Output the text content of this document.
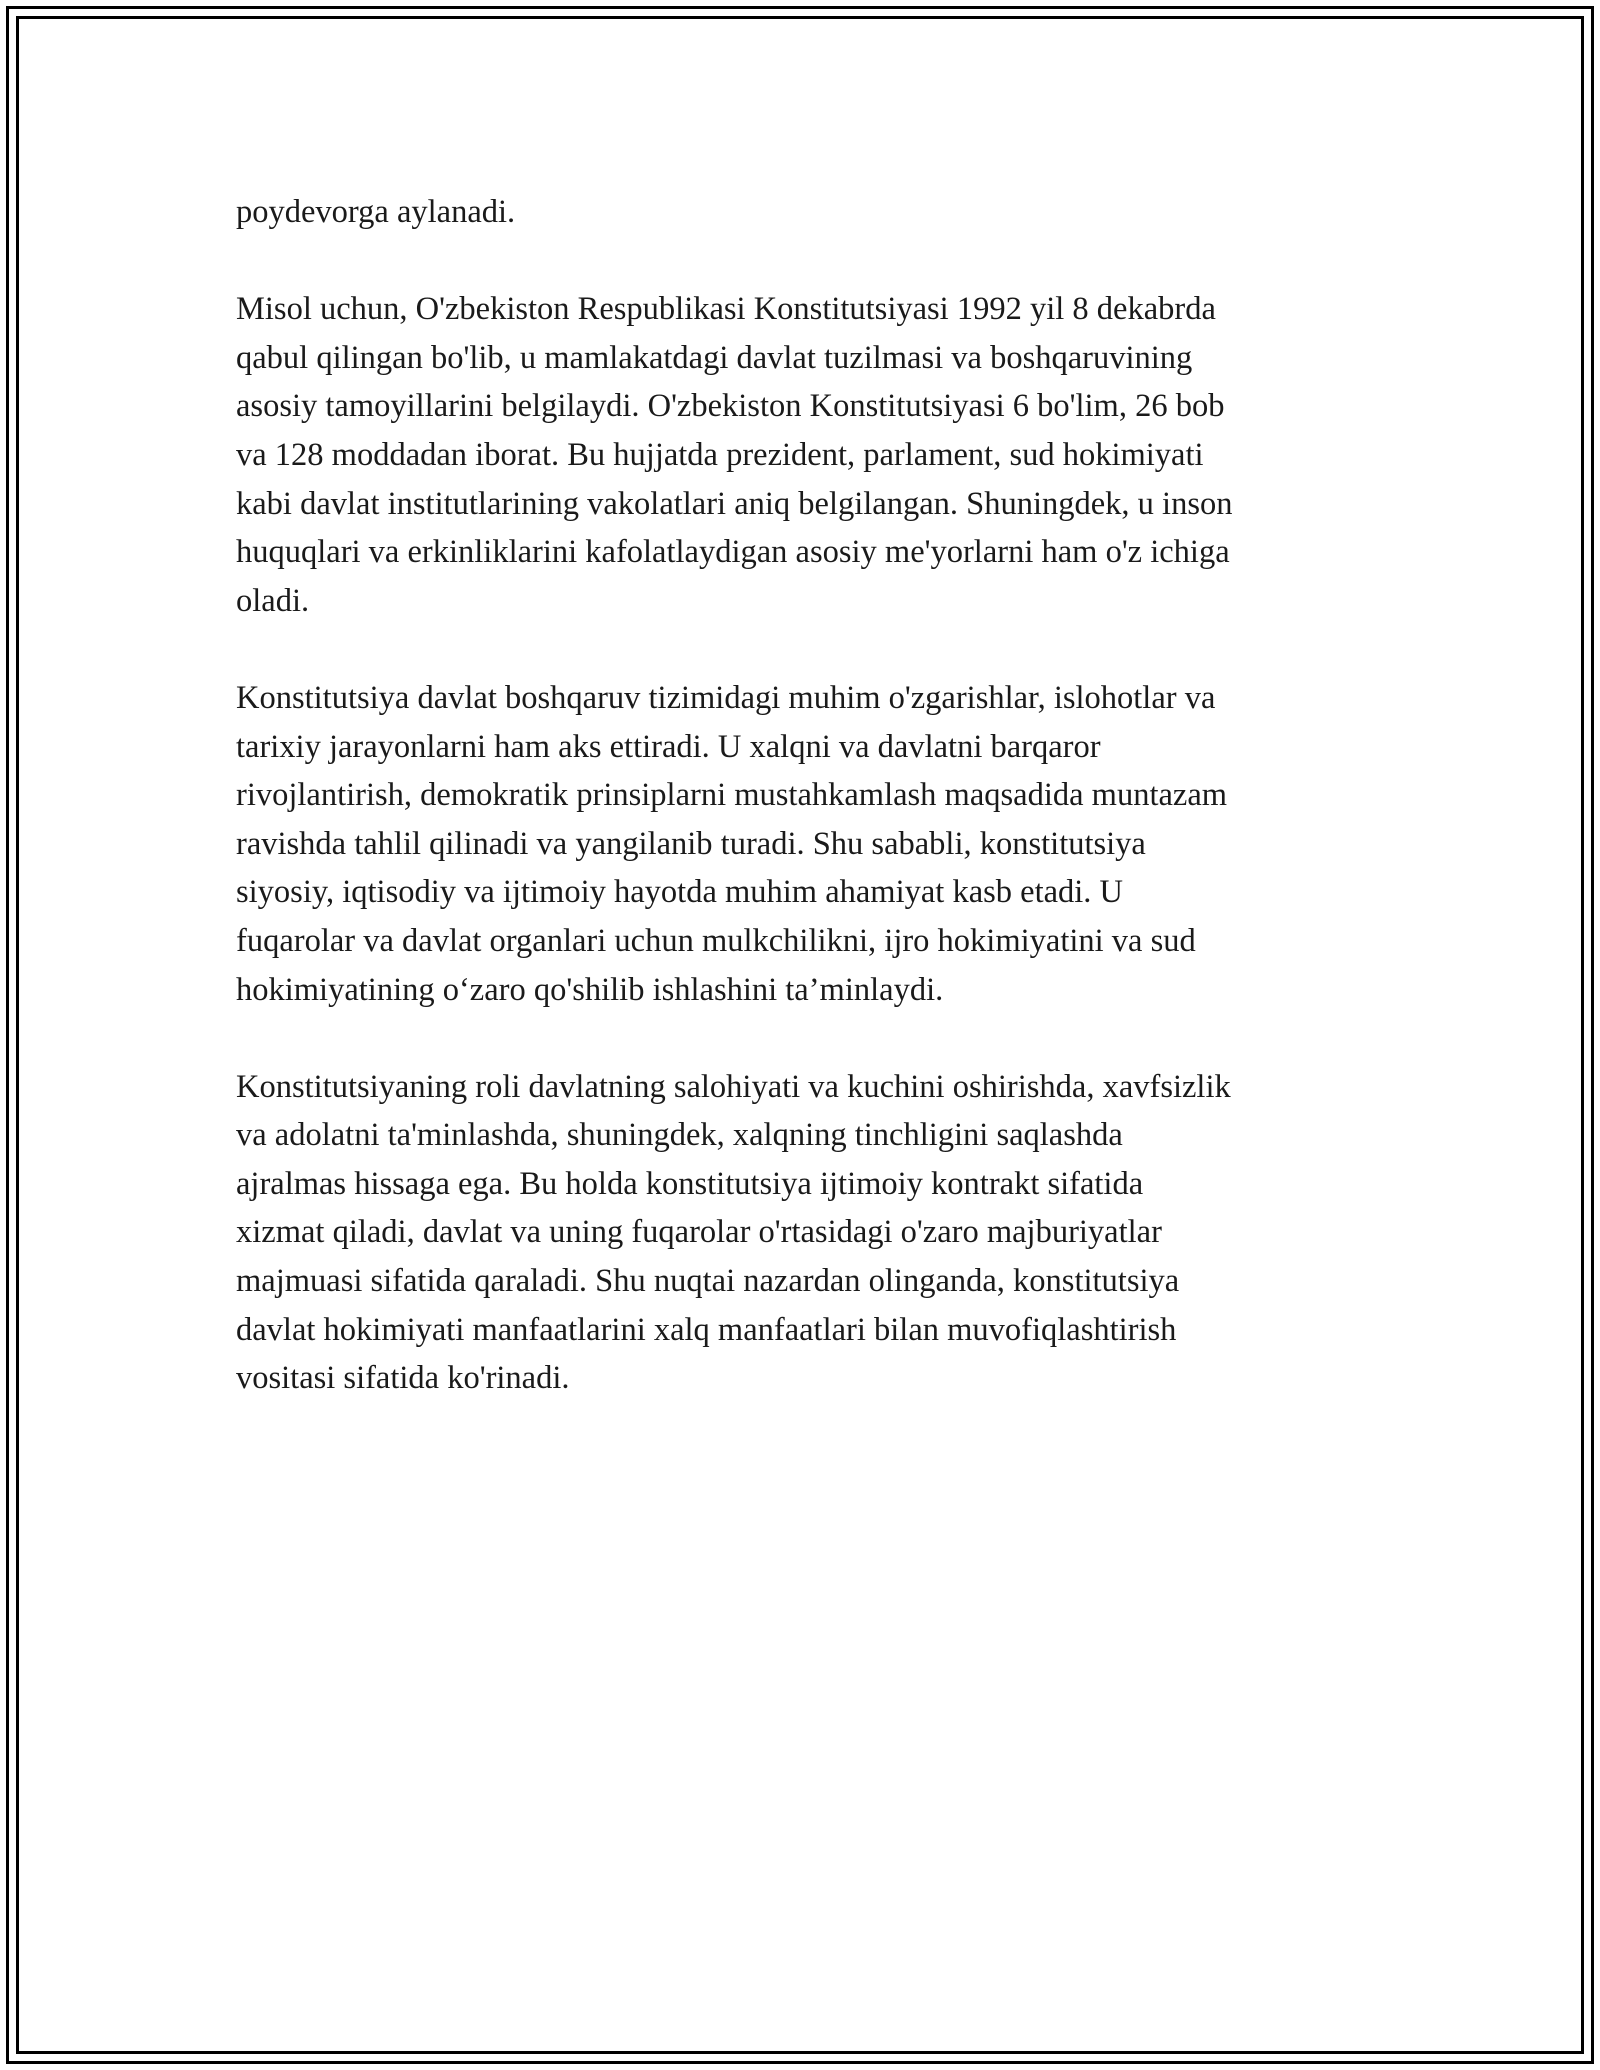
poydevorga aylanadi.

Misol uchun, O'zbekiston Respublikasi Konstitutsiyasi 1992 yil 8 dekabrda
qabul qilingan bo'lib, u mamlakatdagi davlat tuzilmasi va boshqaruvining
asosiy tamoyillarini belgilaydi. O'zbekiston Konstitutsiyasi 6 bo'lim, 26 bob
va 128 moddadan iborat. Bu hujjatda prezident, parlament, sud hokimiyati
kabi davlat institutlarining vakolatlari aniq belgilangan. Shuningdek, u inson
huquqlari va erkinliklarini kafolatlaydigan asosiy me'yorlarni ham o'z ichiga
oladi.

Konstitutsiya davlat boshqaruv tizimidagi muhim o'zgarishlar, islohotlar va
tarixiy jarayonlarni ham aks ettiradi. U xalqni va davlatni barqaror
rivojlantirish, demokratik prinsiplarni mustahkamlash maqsadida muntazam
ravishda tahlil qilinadi va yangilanib turadi. Shu sababli, konstitutsiya
siyosiy, iqtisodiy va ijtimoiy hayotda muhim ahamiyat kasb etadi. U
fuqarolar va davlat organlari uchun mulkchilikni, ijro hokimiyatini va sud
hokimiyatining o‘zaro qo'shilib ishlashini ta’minlaydi.

Konstitutsiyaning roli davlatning salohiyati va kuchini oshirishda, xavfsizlik
va adolatni ta'minlashda, shuningdek, xalqning tinchligini saqlashda
ajralmas hissaga ega. Bu holda konstitutsiya ijtimoiy kontrakt sifatida
xizmat qiladi, davlat va uning fuqarolar o'rtasidagi o'zaro majburiyatlar
majmuasi sifatida qaraladi. Shu nuqtai nazardan olinganda, konstitutsiya
davlat hokimiyati manfaatlarini xalq manfaatlari bilan muvofiqlashtirish
vositasi sifatida ko'rinadi.
